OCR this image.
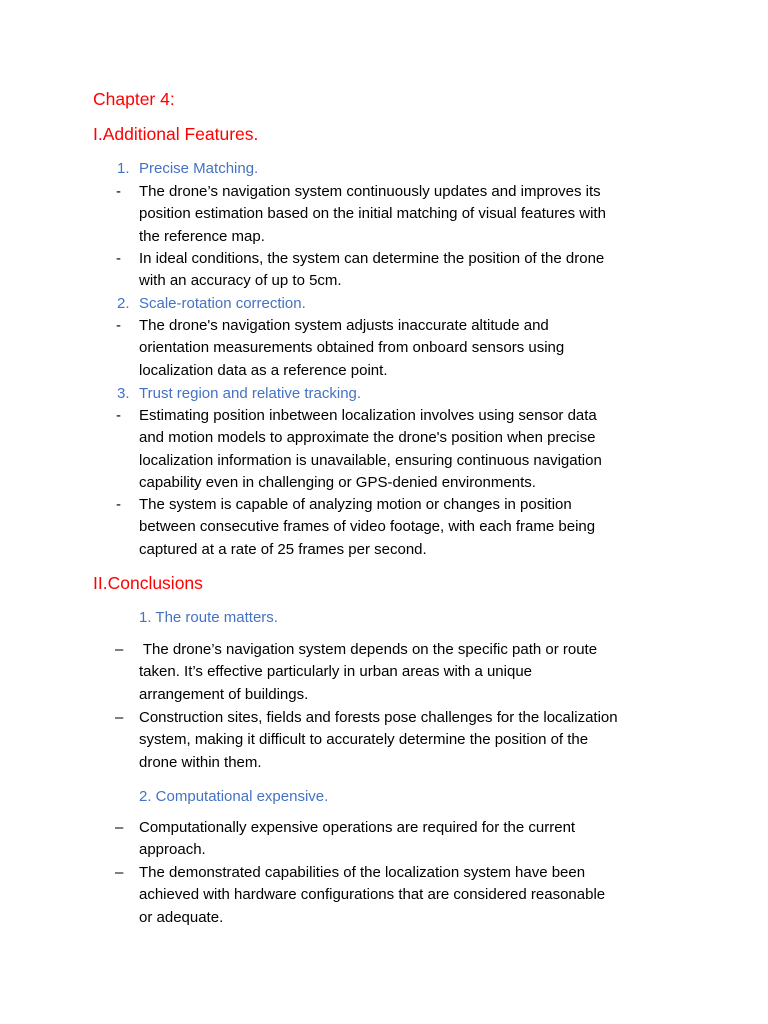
Chapter 4:
I.Additional Features.
1. Precise Matching.
-	The drone’s navigation system continuously updates and improves its
position estimation based on the initial matching of visual features with
the reference map.
-	In ideal conditions, the system can determine the position of the drone
with an accuracy of up to 5cm.
2. Scale-rotation correction.
-	The drone's navigation system adjusts inaccurate altitude and
orientation measurements obtained from onboard sensors using
localization data as a reference point.
3. Trust region and relative tracking.
-	Estimating position inbetween localization involves using sensor data
and motion models to approximate the drone's position when precise
localization information is unavailable, ensuring continuous navigation
capability even in challenging or GPS-denied environments.
-	The system is capable of analyzing motion or changes in position
between consecutive frames of video footage, with each frame being
captured at a rate of 25 frames per second.
II.Conclusions
1. The route matters.
–	The drone’s navigation system depends on the specific path or route
taken. It’s effective particularly in urban areas with a unique
arrangement of buildings.
–	Construction sites, fields and forests pose challenges for the localization
system, making it difficult to accurately determine the position of the
drone within them.
2. Computational expensive.
–	Computationally expensive operations are required for the current
approach.
–	The demonstrated capabilities of the localization system have been
achieved with hardware configurations that are considered reasonable
or adequate.
